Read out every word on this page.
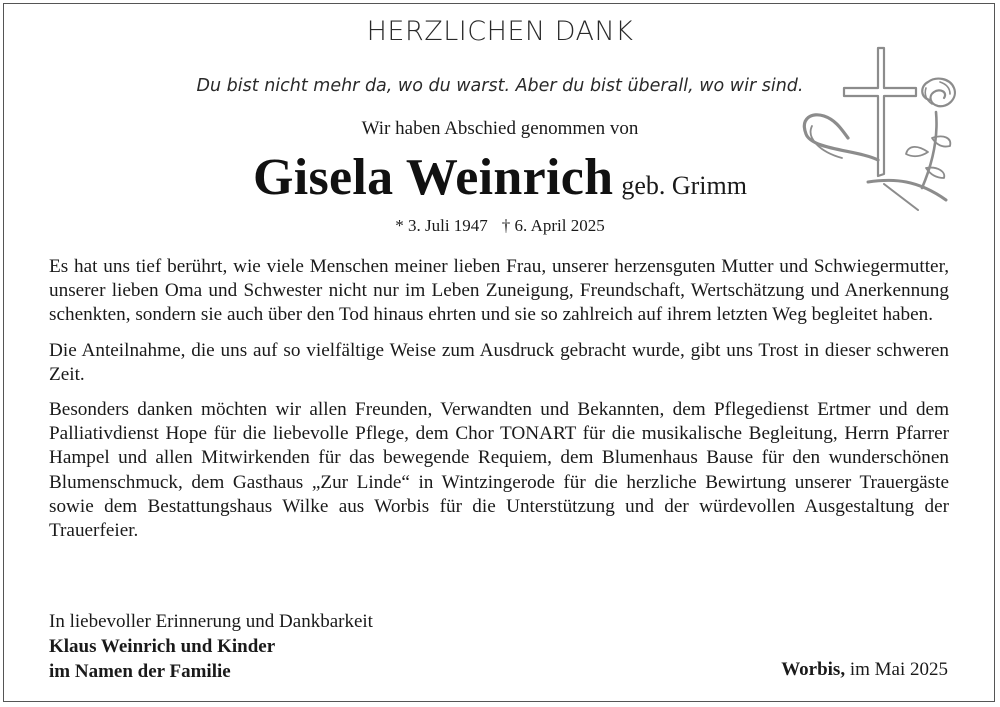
HERZLICHEN DANK
Du bist nicht mehr da, wo du warst. Aber du bist überall, wo wir sind.
Wir haben Abschied genommen von
Gisela Weinrich geb. Grimm
* 3. Juli 1947 † 6. April 2025

Es hat uns tief berührt, wie viele Menschen meiner lieben Frau, unserer herzensguten Mutter und Schwiegermutter, unserer lieben Oma und Schwester nicht nur im Leben Zuneigung, Freundschaft, Wertschätzung und Anerkennung schenkten, sondern sie auch über den Tod hinaus ehrten und sie so zahlreich auf ihrem letzten Weg begleitet haben.

Die Anteilnahme, die uns auf so vielfältige Weise zum Ausdruck gebracht wurde, gibt uns Trost in dieser schweren Zeit.

Besonders danken möchten wir allen Freunden, Verwandten und Bekannten, dem Pflegedienst Ertmer und dem Palliativdienst Hope für die liebevolle Pflege, dem Chor TONART für die musikalische Begleitung, Herrn Pfarrer Hampel und allen Mitwirkenden für das bewegende Requiem, dem Blumenhaus Bause für den wunderschönen Blumenschmuck, dem Gasthaus „Zur Linde“ in Wintzingerode für die herzliche Bewirtung unserer Trauergäste sowie dem Bestattungshaus Wilke aus Worbis für die Unterstützung und der würdevollen Ausgestaltung der Trauerfeier.

In liebevoller Erinnerung und Dankbarkeit
Klaus Weinrich und Kinder
im Namen der Familie	Worbis, im Mai 2025
